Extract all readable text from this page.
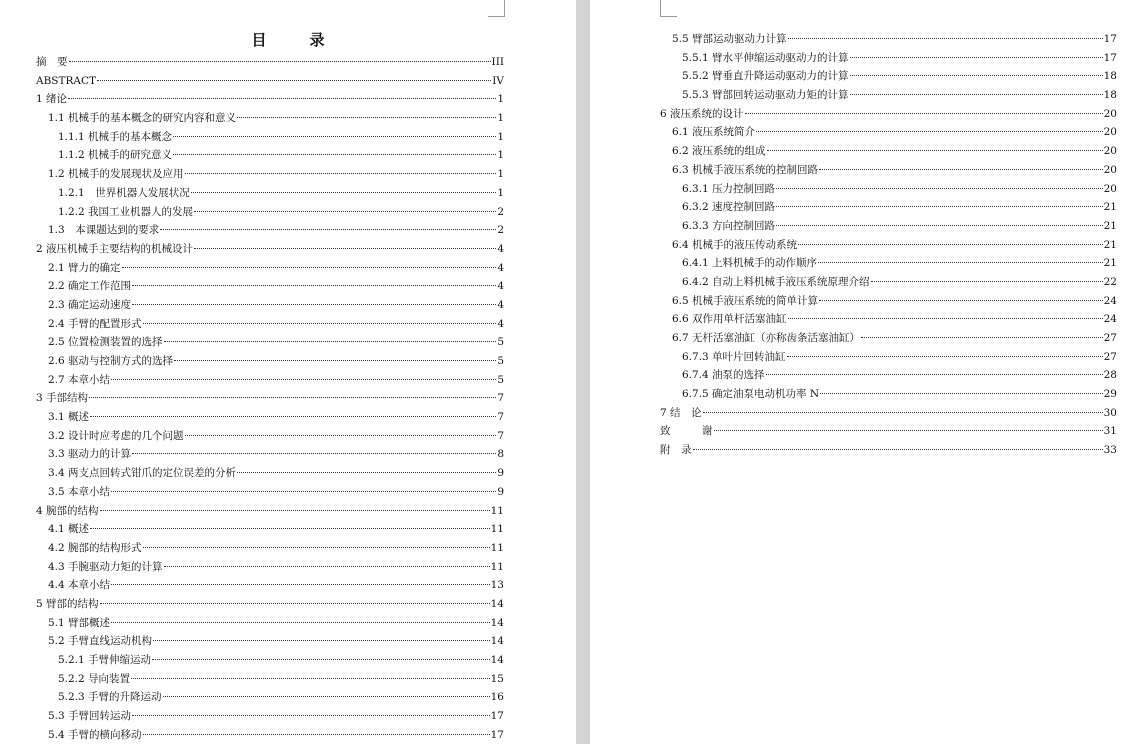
目　录
摘　要	III
ABSTRACT	IV
1 绪论	1
1.1 机械手的基本概念的研究内容和意义	1
1.1.1 机械手的基本概念	1
1.1.2 机械手的研究意义	1
1.2 机械手的发展现状及应用	1
1.2.1　世界机器人发展状况	1
1.2.2 我国工业机器人的发展	2
1.3　本课题达到的要求	2
2 液压机械手主要结构的机械设计	4
2.1 臂力的确定	4
2.2 确定工作范围	4
2.3 确定运动速度	4
2.4 手臂的配置形式	4
2.5 位置检测装置的选择	5
2.6 驱动与控制方式的选择	5
2.7 本章小结	5
3 手部结构	7
3.1 概述	7
3.2 设计时应考虑的几个问题	7
3.3 驱动力的计算	8
3.4 两支点回转式钳爪的定位误差的分析	9
3.5 本章小结	9
4 腕部的结构	11
4.1 概述	11
4.2 腕部的结构形式	11
4.3 手腕驱动力矩的计算	11
4.4 本章小结	13
5 臂部的结构	14
5.1 臂部概述	14
5.2 手臂直线运动机构	14
5.2.1 手臂伸缩运动	14
5.2.2 导向装置	15
5.2.3 手臂的升降运动	16
5.3 手臂回转运动	17
5.4 手臂的横向移动	17
5.5 臂部运动驱动力计算	17
5.5.1 臂水平伸缩运动驱动力的计算	17
5.5.2 臂垂直升降运动驱动力的计算	18
5.5.3 臂部回转运动驱动力矩的计算	18
6 液压系统的设计	20
6.1 液压系统简介	20
6.2 液压系统的组成	20
6.3 机械手液压系统的控制回路	20
6.3.1 压力控制回路	20
6.3.2 速度控制回路	21
6.3.3 方向控制回路	21
6.4 机械手的液压传动系统	21
6.4.1 上料机械手的动作顺序	21
6.4.2 自动上料机械手液压系统原理介绍	22
6.5 机械手液压系统的简单计算	24
6.6 双作用单杆活塞油缸	24
6.7 无杆活塞油缸（亦称齿条活塞油缸）	27
6.7.3 单叶片回转油缸	27
6.7.4 油泵的选择	28
6.7.5 确定油泵电动机功率 N	29
7 结　论	30
致　　　谢	31
附　录	33
